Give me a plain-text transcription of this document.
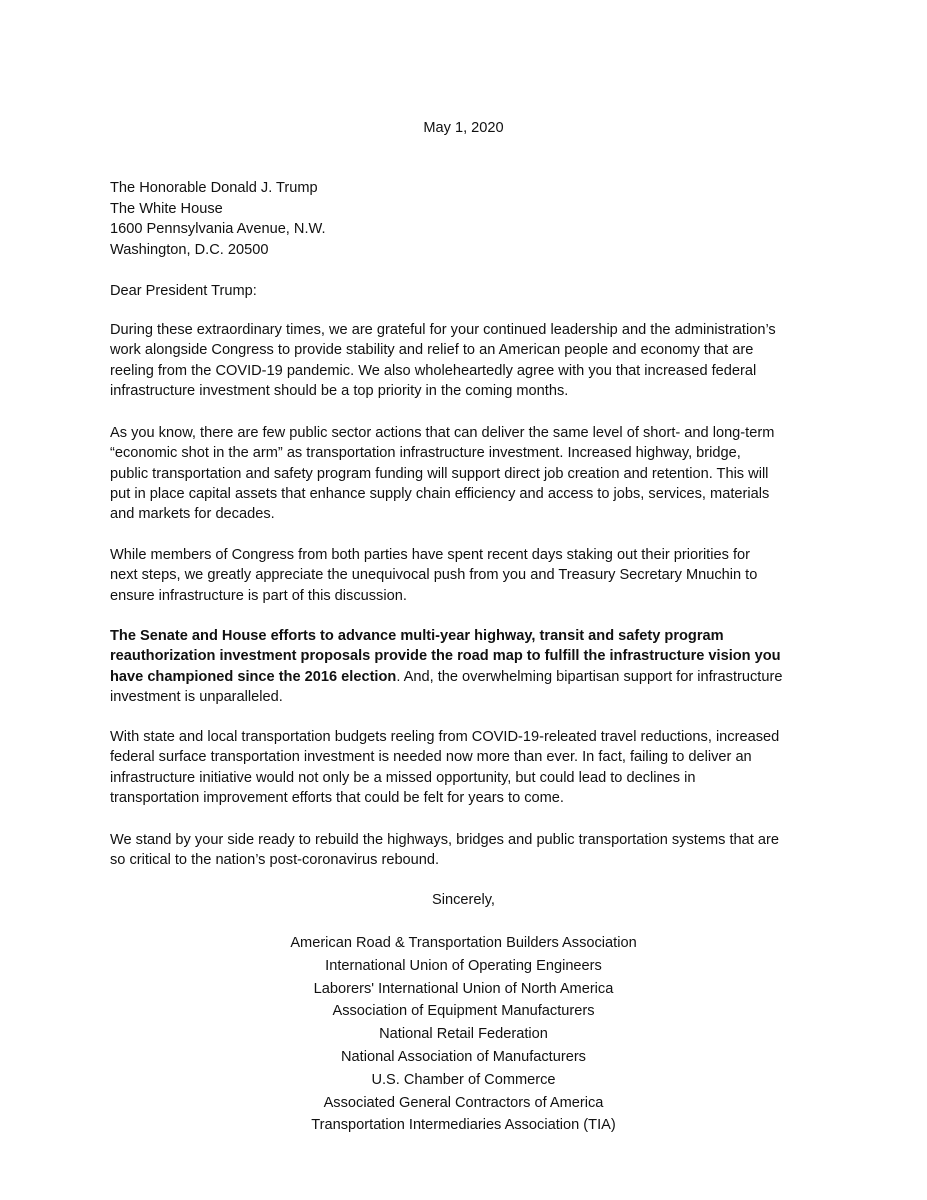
May 1, 2020
The Honorable Donald J. Trump
The White House
1600 Pennsylvania Avenue, N.W.
Washington, D.C. 20500
Dear President Trump:

During these extraordinary times, we are grateful for your continued leadership and the administration’s
work alongside Congress to provide stability and relief to an American people and economy that are
reeling from the COVID-19 pandemic. We also wholeheartedly agree with you that increased federal
infrastructure investment should be a top priority in the coming months.

As you know, there are few public sector actions that can deliver the same level of short- and long-term
“economic shot in the arm” as transportation infrastructure investment. Increased highway, bridge,
public transportation and safety program funding will support direct job creation and retention. This will
put in place capital assets that enhance supply chain efficiency and access to jobs, services, materials
and markets for decades.

While members of Congress from both parties have spent recent days staking out their priorities for
next steps, we greatly appreciate the unequivocal push from you and Treasury Secretary Mnuchin to
ensure infrastructure is part of this discussion.

The Senate and House efforts to advance multi-year highway, transit and safety program
reauthorization investment proposals provide the road map to fulfill the infrastructure vision you
have championed since the 2016 election. And, the overwhelming bipartisan support for infrastructure
investment is unparalleled.

With state and local transportation budgets reeling from COVID-19-releated travel reductions, increased
federal surface transportation investment is needed now more than ever. In fact, failing to deliver an
infrastructure initiative would not only be a missed opportunity, but could lead to declines in
transportation improvement efforts that could be felt for years to come.

We stand by your side ready to rebuild the highways, bridges and public transportation systems that are
so critical to the nation’s post-coronavirus rebound.

Sincerely,
American Road & Transportation Builders Association
International Union of Operating Engineers
Laborers' International Union of North America
Association of Equipment Manufacturers
National Retail Federation
National Association of Manufacturers
U.S. Chamber of Commerce
Associated General Contractors of America
Transportation Intermediaries Association (TIA)
